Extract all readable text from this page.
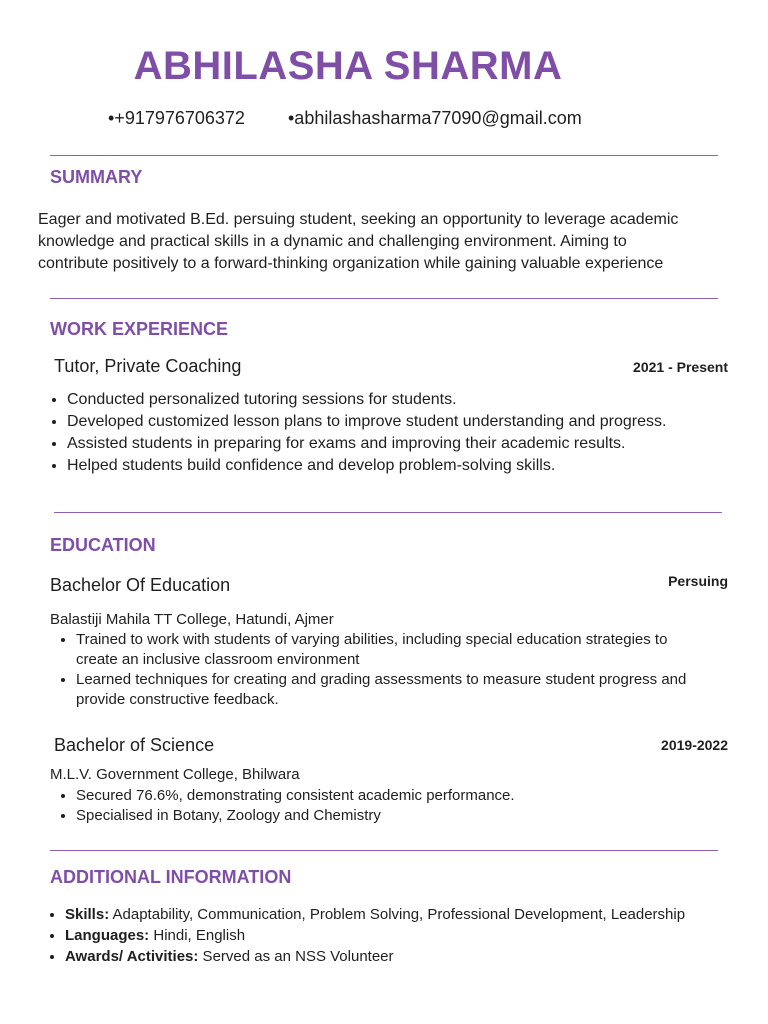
ABHILASHA SHARMA
•+917976706372 •abhilashasharma77090@gmail.com
SUMMARY
Eager and motivated B.Ed. persuing student, seeking an opportunity to leverage academic
knowledge and practical skills in a dynamic and challenging environment. Aiming to
contribute positively to a forward-thinking organization while gaining valuable experience
WORK EXPERIENCE
Tutor, Private Coaching	2021 - Present
• Conducted personalized tutoring sessions for students.
• Developed customized lesson plans to improve student understanding and progress.
• Assisted students in preparing for exams and improving their academic results.
• Helped students build confidence and develop problem-solving skills.
EDUCATION
Bachelor Of Education	Persuing
Balastiji Mahila TT College, Hatundi, Ajmer
• Trained to work with students of varying abilities, including special education strategies to
create an inclusive classroom environment
• Learned techniques for creating and grading assessments to measure student progress and
provide constructive feedback.
Bachelor of Science	2019-2022
M.L.V. Government College, Bhilwara
• Secured 76.6%, demonstrating consistent academic performance.
• Specialised in Botany, Zoology and Chemistry
ADDITIONAL INFORMATION
• Skills: Adaptability, Communication, Problem Solving, Professional Development, Leadership
• Languages: Hindi, English
• Awards/ Activities: Served as an NSS Volunteer
